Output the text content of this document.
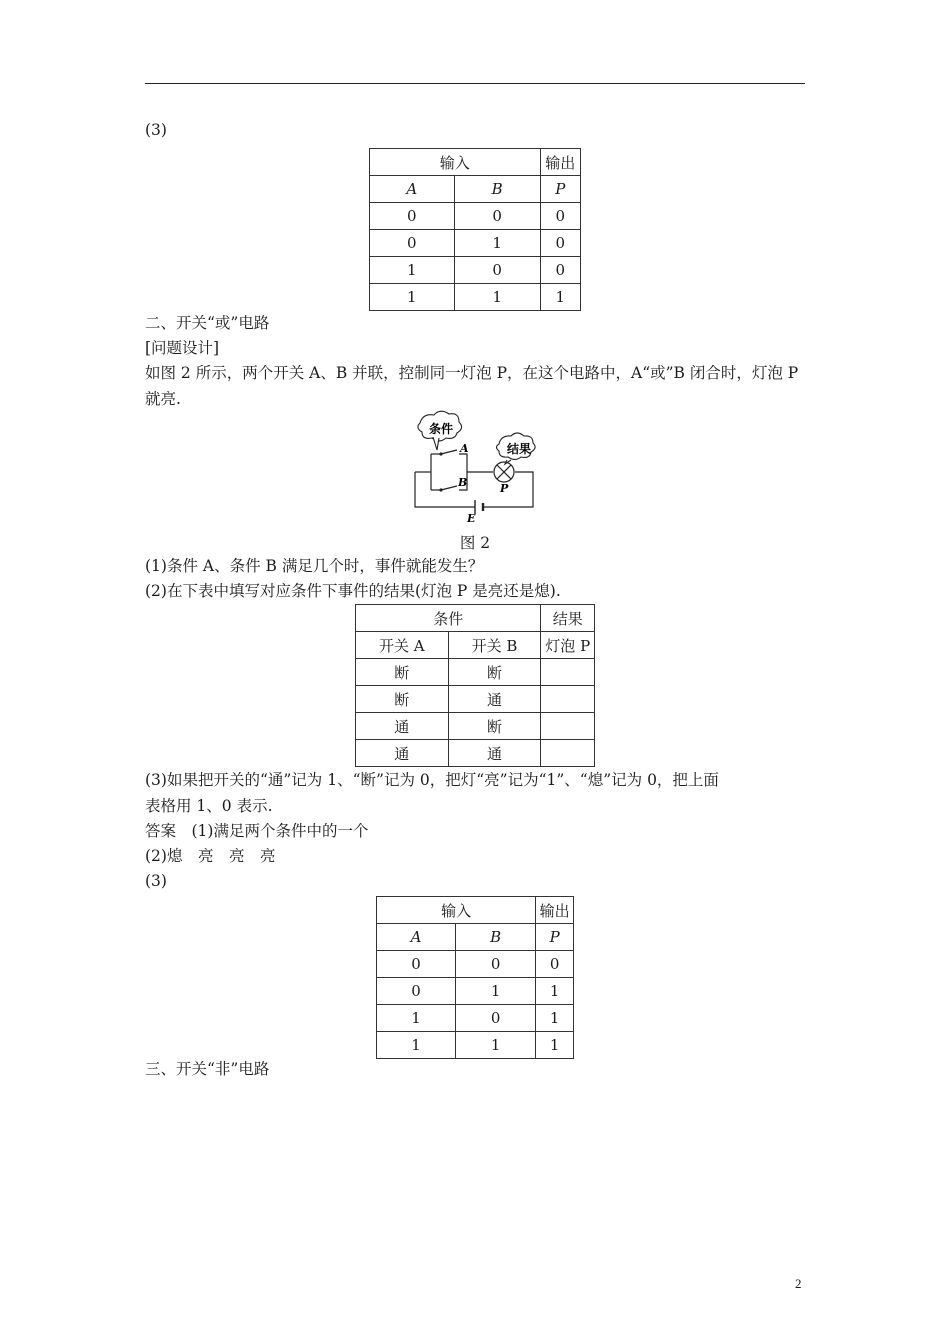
(3)
输入		输出
A	B	P
0	0	0
0	1	0
1	0	0
1	1	1
二、开关“或”电路
[问题设计]
如图 2 所示，两个开关 A、B 并联，控制同一灯泡 P，在这个电路中，A“或”B 闭合时，灯泡 P
就亮.
条件
结果
A
B	P
E
图 2
(1)条件 A、条件 B 满足几个时，事件就能发生？
(2)在下表中填写对应条件下事件的结果(灯泡 P 是亮还是熄).
条件		结果
开关 A	开关 B	灯泡 P
断	断	
断	通	
通	断	
通	通	
(3)如果把开关的“通”记为 1、“断”记为 0，把灯“亮”记为“1”、“熄”记为 0，把上面
表格用 1、0 表示.
答案　(1)满足两个条件中的一个
(2)熄　亮　亮　亮
(3)
输入		输出
A	B	P
0	0	0
0	1	1
1	0	1
1	1	1
三、开关“非”电路
2
